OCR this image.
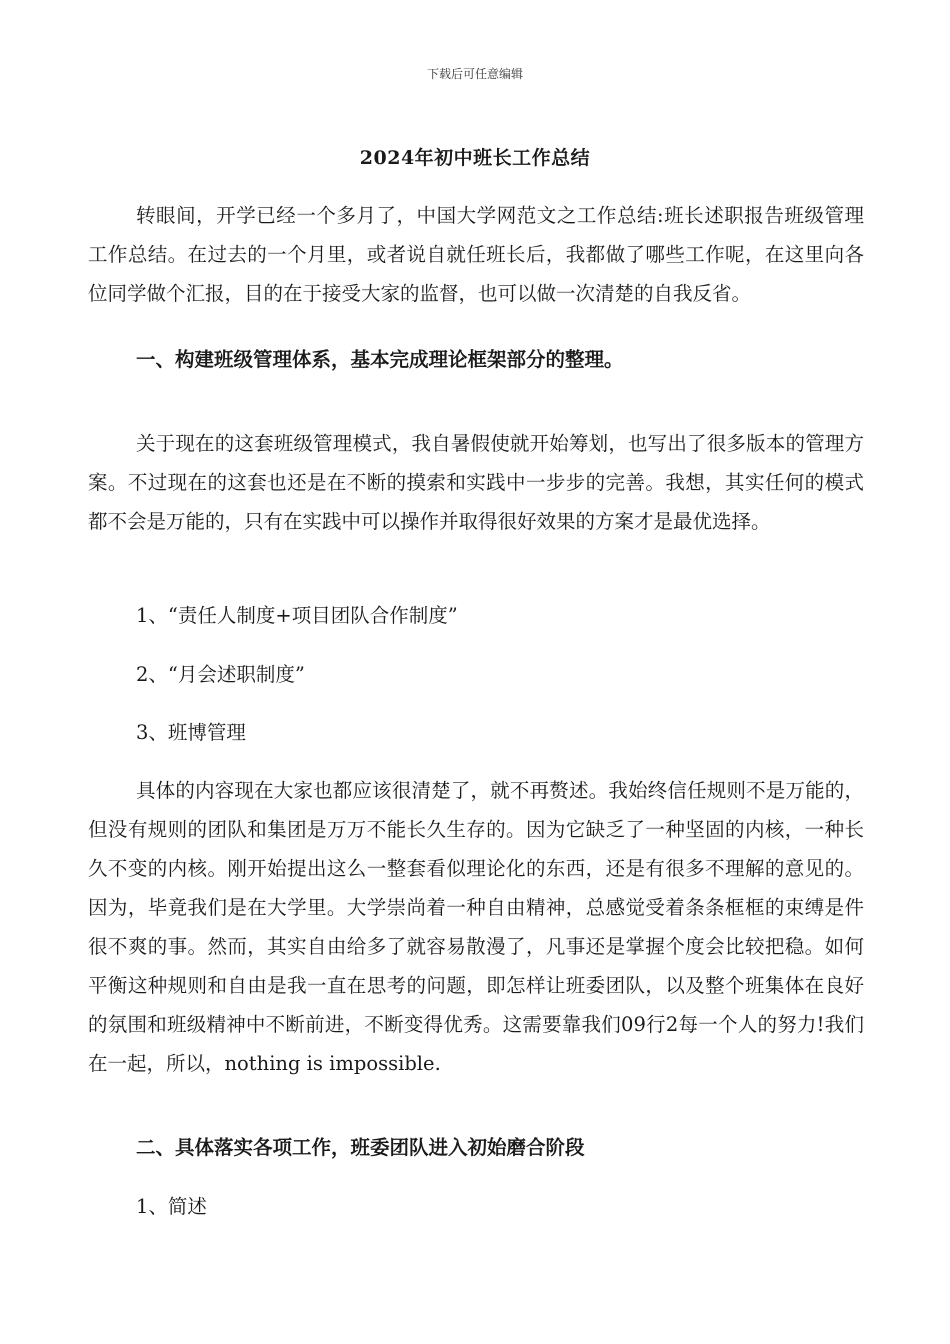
下载后可任意编辑
2024年初中班长工作总结

转眼间，开学已经一个多月了，中国大学网范文之工作总结:班长述职报告班级管理工作总结。在过去的一个月里，或者说自就任班长后，我都做了哪些工作呢，在这里向各位同学做个汇报，目的在于接受大家的监督，也可以做一次清楚的自我反省。

一、构建班级管理体系，基本完成理论框架部分的整理。

关于现在的这套班级管理模式，我自暑假使就开始筹划，也写出了很多版本的管理方案。不过现在的这套也还是在不断的摸索和实践中一步步的完善。我想，其实任何的模式都不会是万能的，只有在实践中可以操作并取得很好效果的方案才是最优选择。

1、“责任人制度+项目团队合作制度”

2、“月会述职制度”

3、班博管理

具体的内容现在大家也都应该很清楚了，就不再赘述。我始终信任规则不是万能的，但没有规则的团队和集团是万万不能长久生存的。因为它缺乏了一种坚固的内核，一种长久不变的内核。刚开始提出这么一整套看似理论化的东西，还是有很多不理解的意见的。因为，毕竟我们是在大学里。大学崇尚着一种自由精神，总感觉受着条条框框的束缚是件很不爽的事。然而，其实自由给多了就容易散漫了，凡事还是掌握个度会比较把稳。如何平衡这种规则和自由是我一直在思考的问题，即怎样让班委团队，以及整个班集体在良好的氛围和班级精神中不断前进，不断变得优秀。这需要靠我们09行2每一个人的努力!我们在一起，所以，nothing is impossible.

二、具体落实各项工作，班委团队进入初始磨合阶段

1、简述
